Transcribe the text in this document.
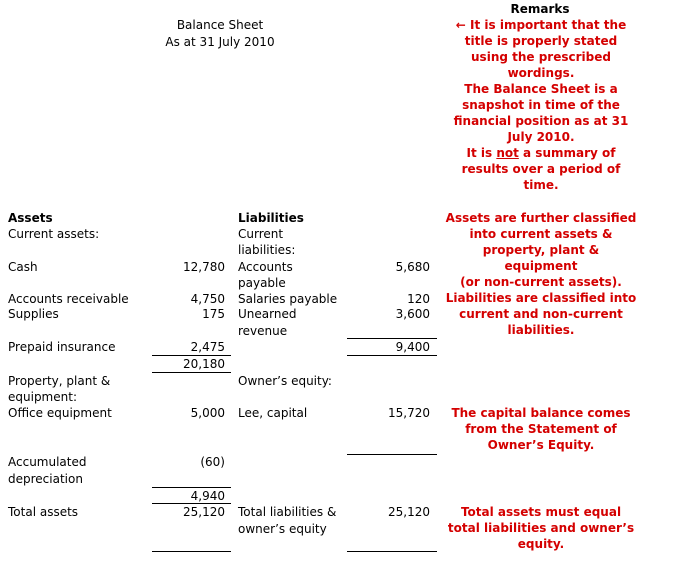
Balance Sheet
As at 31 July 2010
Remarks
← It is important that the
title is properly stated
using the prescribed
wordings.
The Balance Sheet is a
snapshot in time of the
financial position as at 31
July 2010.
It is not a summary of
results over a period of
time.
Assets are further classified
into current assets &
property, plant &
equipment
(or non-current assets).
Liabilities are classified into
current and non-current
liabilities.
The capital balance comes
from the Statement of
Owner’s Equity.
Total assets must equal
total liabilities and owner’s
equity.
Assets
Current assets:
Cash	12,780
Accounts receivable	4,750
Supplies	175
Prepaid insurance	2,475
20,180
Property, plant &
equipment:
Office equipment	5,000
Accumulated
depreciation
(60)
4,940
Total assets	25,120
Liabilities
Current
liabilities:
Accounts
payable
5,680
Salaries payable	120
Unearned
revenue
3,600
9,400
Owner’s equity:
Lee, capital	15,720
Total liabilities &
owner’s equity
25,120
